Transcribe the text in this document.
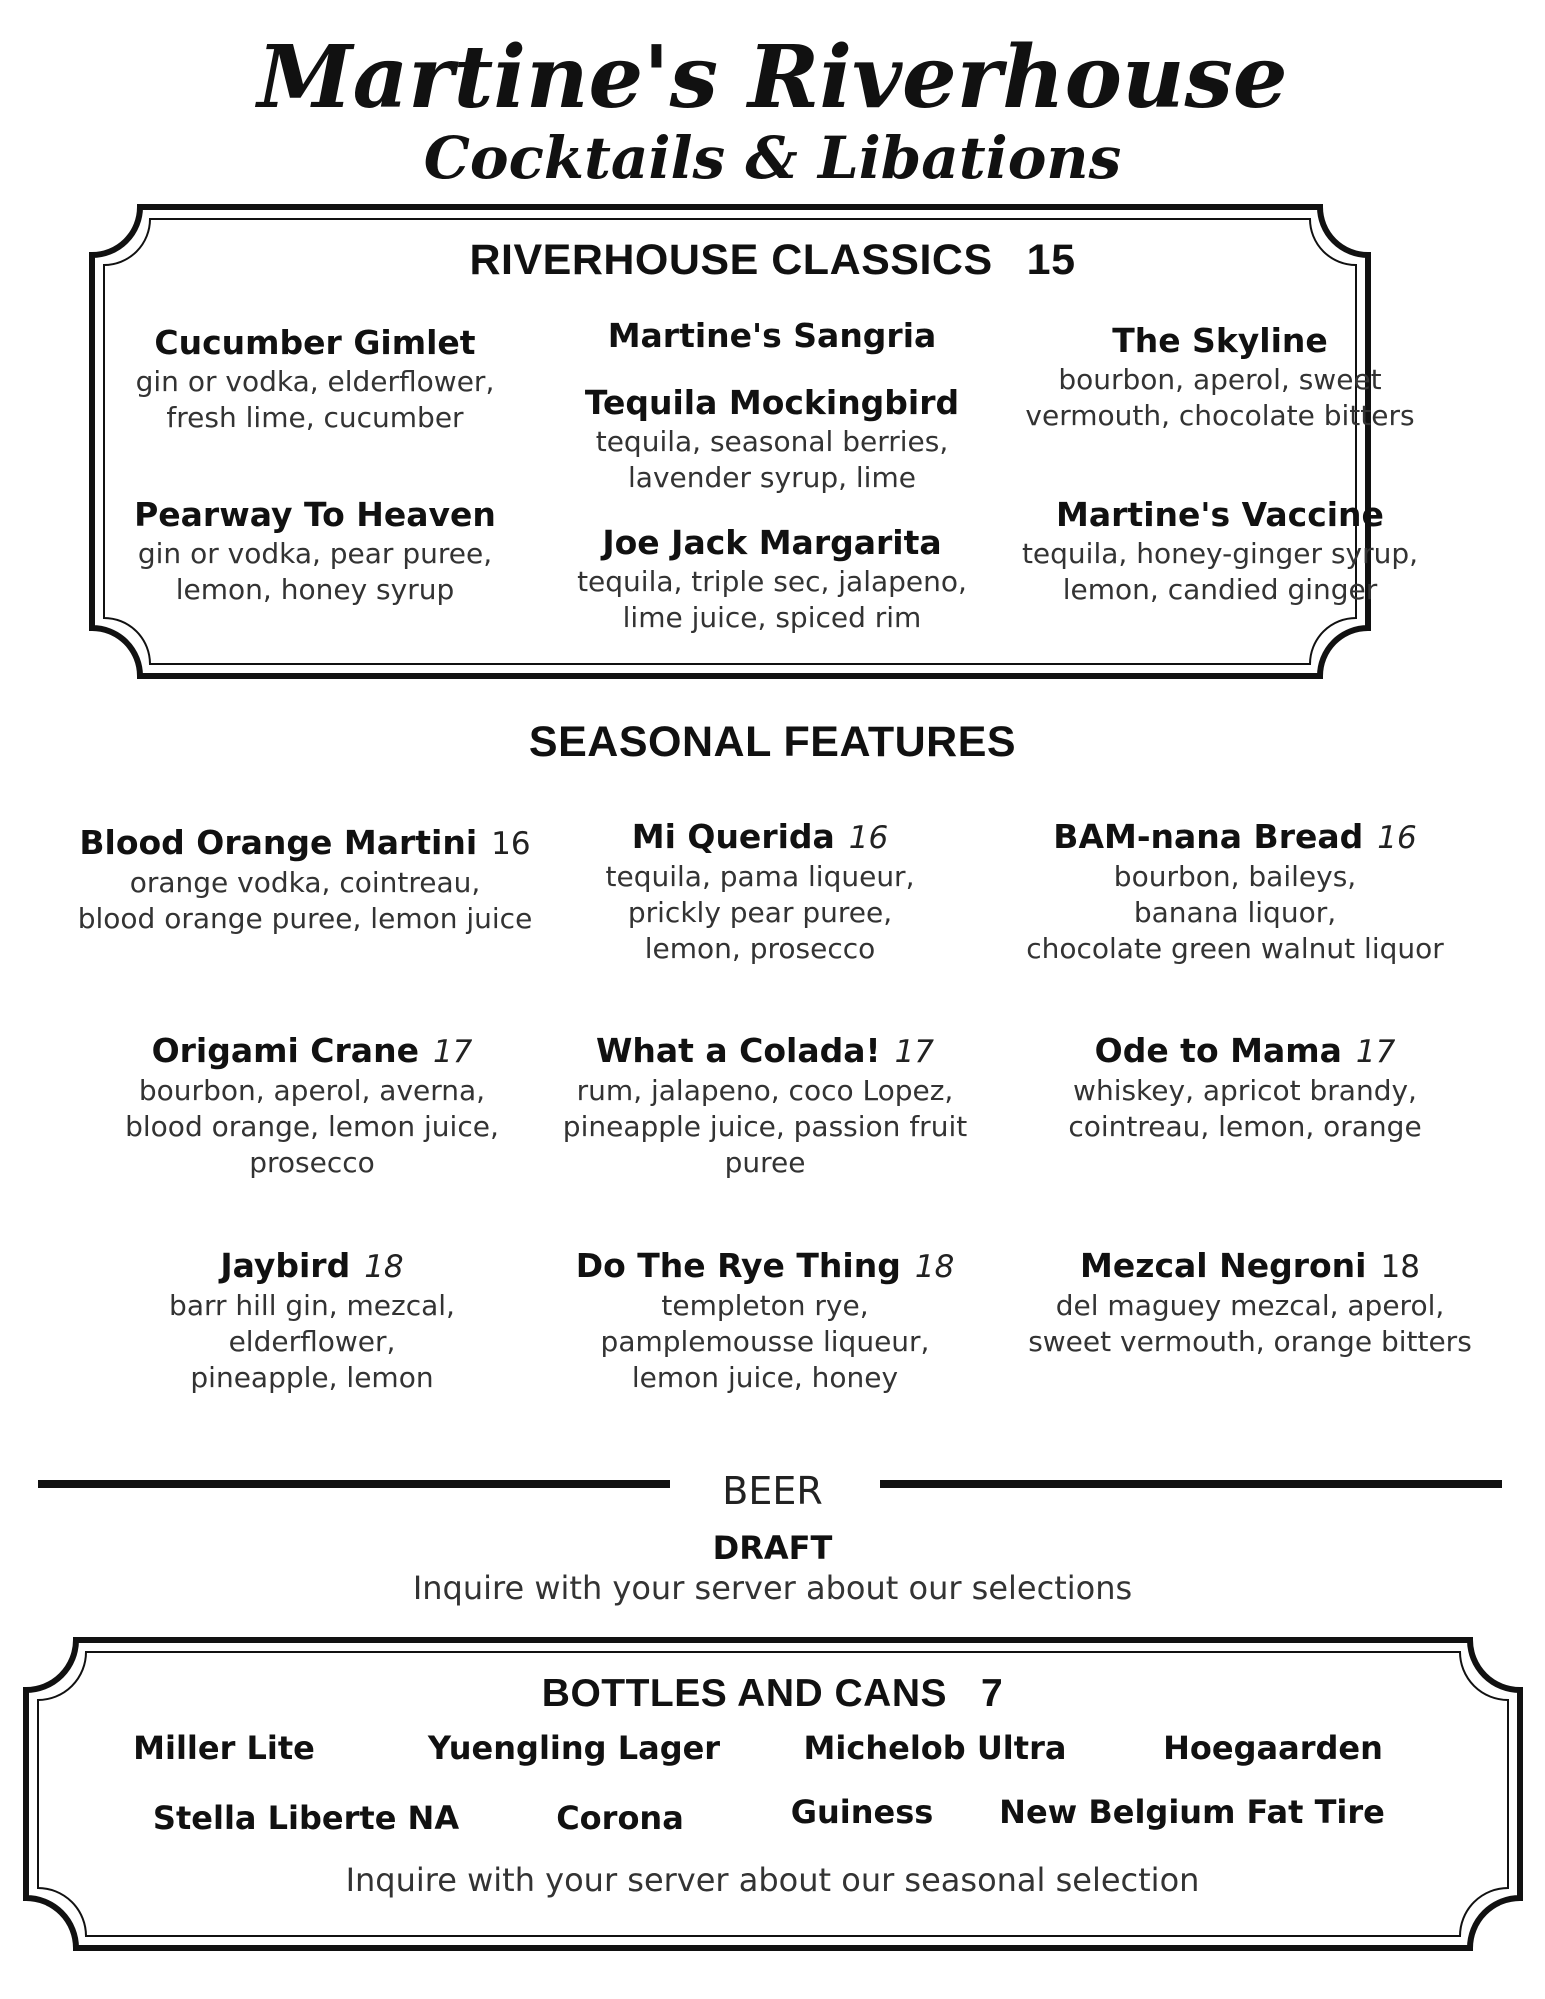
Martine's Riverhouse
Cocktails & Libations
RIVERHOUSE CLASSICS 15
Cucumber Gimlet
gin or vodka, elderflower,
fresh lime, cucumber
Martine's Sangria	The Skyline
bourbon, aperol, sweet
vermouth, chocolate bitters
Tequila Mockingbird
tequila, seasonal berries,
lavender syrup, lime
Pearway To Heaven
gin or vodka, pear puree,
lemon, honey syrup
Joe Jack Margarita
tequila, triple sec, jalapeno,
lime juice, spiced rim
Martine's Vaccine
tequila, honey-ginger syrup,
lemon, candied ginger
SEASONAL FEATURES
Blood Orange Martini 16
orange vodka, cointreau,
blood orange puree, lemon juice
Mi Querida 16
tequila, pama liqueur,
prickly pear puree,
lemon, prosecco
BAM-nana Bread 16
bourbon, baileys,
banana liquor,
chocolate green walnut liquor
Origami Crane 17
bourbon, aperol, averna,
blood orange, lemon juice,
prosecco
What a Colada! 17
rum, jalapeno, coco Lopez,
pineapple juice, passion fruit
puree
Ode to Mama 17
whiskey, apricot brandy,
cointreau, lemon, orange
Jaybird 18
barr hill gin, mezcal,
elderflower,
pineapple, lemon
Do The Rye Thing 18
templeton rye,
pamplemousse liqueur,
lemon juice, honey
Mezcal Negroni 18
del maguey mezcal, aperol,
sweet vermouth, orange bitters
BEER
DRAFT
Inquire with your server about our selections
BOTTLES AND CANS 7
Miller Lite	Yuengling Lager	Michelob Ultra	Hoegaarden
Stella Liberte NA	Corona	Guiness New Belgium Fat Tire
Inquire with your server about our seasonal selection
